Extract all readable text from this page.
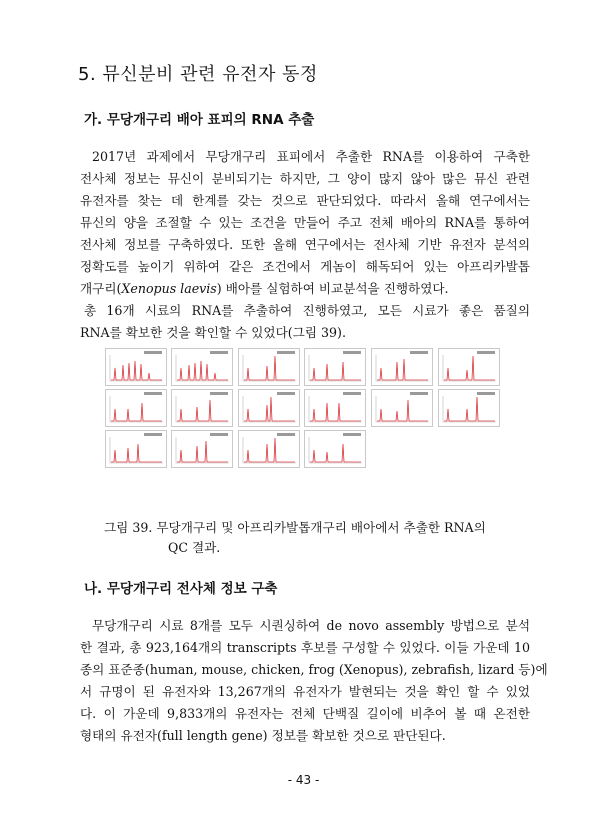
5. 뮤신분비 관련 유전자 동정
가. 무당개구리 배아 표피의 RNA 추출
2017년 과제에서 무당개구리 표피에서 추출한 RNA를 이용하여 구축한
전사체 정보는 뮤신이 분비되기는 하지만, 그 양이 많지 않아 많은 뮤신 관련
유전자를 찾는 데 한계를 갖는 것으로 판단되었다. 따라서 올해 연구에서는
뮤신의 양을 조절할 수 있는 조건을 만들어 주고 전체 배아의 RNA를 통하여
전사체 정보를 구축하였다. 또한 올해 연구에서는 전사체 기반 유전자 분석의
정확도를 높이기 위하여 같은 조건에서 게놈이 해독되어 있는 아프리카발톱
개구리(Xenopus laevis) 배아를 실험하여 비교분석을 진행하였다.
총 16개 시료의 RNA를 추출하여 진행하였고, 모든 시료가 좋은 품질의
RNA를 확보한 것을 확인할 수 있었다(그림 39).
그림 39. 무당개구리 및 아프리카발톱개구리 배아에서 추출한 RNA의
QC 결과.
나. 무당개구리 전사체 정보 구축
무당개구리 시료 8개를 모두 시퀀싱하여 de novo assembly 방법으로 분석
한 결과, 총 923,164개의 transcripts 후보를 구성할 수 있었다. 이들 가운데 10
종의 표준종(human, mouse, chicken, frog (Xenopus), zebrafish, lizard 등)에
서 규명이 된 유전자와 13,267개의 유전자가 발현되는 것을 확인 할 수 있었
다. 이 가운데 9,833개의 유전자는 전체 단백질 길이에 비추어 볼 때 온전한
형태의 유전자(full length gene) 정보를 확보한 것으로 판단된다.
- 43 -
